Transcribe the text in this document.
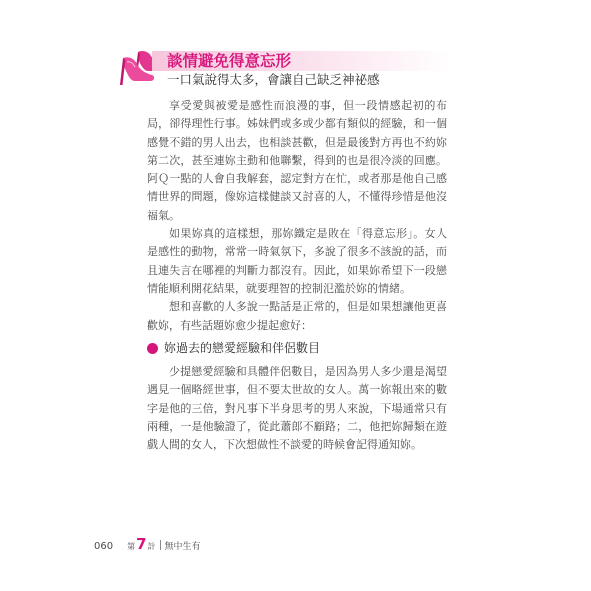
談情避免得意忘形
一口氣說得太多，會讓自己缺乏神祕感

享受愛與被愛是感性而浪漫的事，但一段情感起初的布局，卻得理性行事。姊妹們或多或少都有類似的經驗，和一個感覺不錯的男人出去，也相談甚歡，但是最後對方再也不約妳第二次，甚至連妳主動和他聯繫，得到的也是很冷淡的回應。阿Ｑ一點的人會自我解套，認定對方在忙，或者那是他自己感情世界的問題，像妳這樣健談又討喜的人，不懂得珍惜是他沒福氣。

如果妳真的這樣想，那妳鐵定是敗在「得意忘形」。女人是感性的動物，常常一時氣氛下，多說了很多不該說的話，而且連失言在哪裡的判斷力都沒有。因此，如果妳希望下一段戀情能順利開花結果，就要理智的控制氾濫於妳的情緒。

想和喜歡的人多說一點話是正常的，但是如果想讓他更喜歡妳，有些話題妳愈少提起愈好：

妳過去的戀愛經驗和伴侶數目

少提戀愛經驗和具體伴侶數目，是因為男人多少還是渴望遇見一個略經世事，但不要太世故的女人。萬一妳報出來的數字是他的三倍，對凡事下半身思考的男人來說，下場通常只有兩種，一是他驗證了，從此蕭郎不顧路；二，他把妳歸類在遊戲人間的女人，下次想做性不談愛的時候會記得通知妳。

060 第 7 計 無中生有
